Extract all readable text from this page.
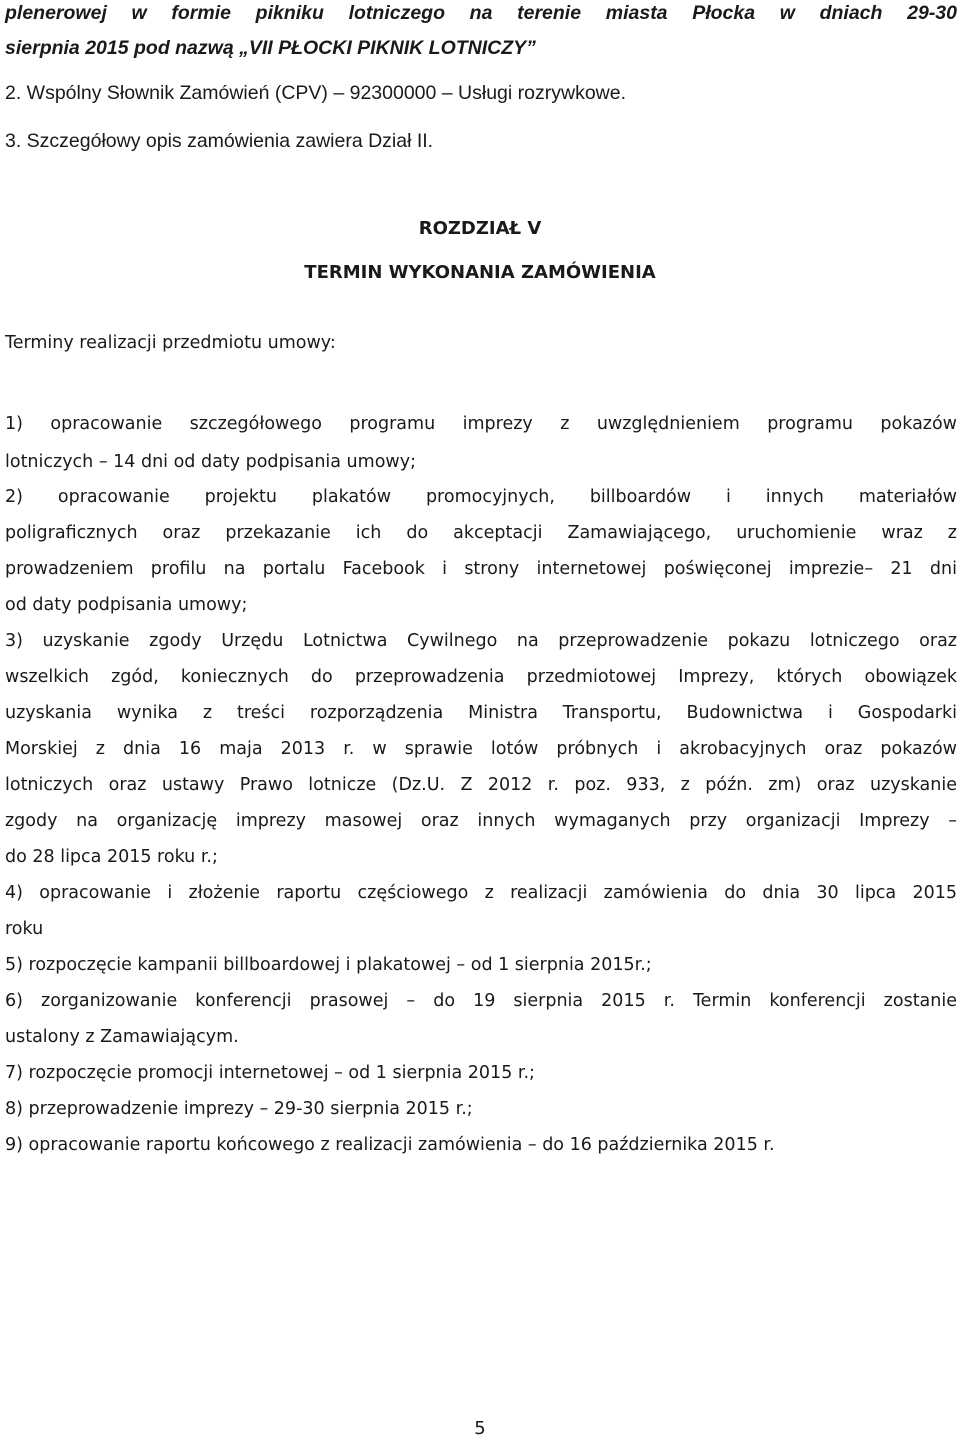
plenerowej w formie pikniku lotniczego na terenie miasta Płocka w dniach 29-30
sierpnia 2015 pod nazwą „VII PŁOCKI PIKNIK LOTNICZY”
2. Wspólny Słownik Zamówień (CPV) – 92300000 – Usługi rozrywkowe.
3. Szczegółowy opis zamówienia zawiera Dział II.
ROZDZIAŁ V
TERMIN WYKONANIA ZAMÓWIENIA
Terminy realizacji przedmiotu umowy:
1) opracowanie szczegółowego programu imprezy z uwzględnieniem programu pokazów
lotniczych – 14 dni od daty podpisania umowy;
2) opracowanie projektu plakatów promocyjnych, billboardów i innych materiałów
poligraficznych oraz przekazanie ich do akceptacji Zamawiającego, uruchomienie wraz z
prowadzeniem profilu na portalu Facebook i strony internetowej poświęconej imprezie– 21 dni
od daty podpisania umowy;
3) uzyskanie zgody Urzędu Lotnictwa Cywilnego na przeprowadzenie pokazu lotniczego oraz
wszelkich zgód, koniecznych do przeprowadzenia przedmiotowej Imprezy, których obowiązek
uzyskania wynika z treści rozporządzenia Ministra Transportu, Budownictwa i Gospodarki
Morskiej z dnia 16 maja 2013 r. w sprawie lotów próbnych i akrobacyjnych oraz pokazów
lotniczych oraz ustawy Prawo lotnicze (Dz.U. Z 2012 r. poz. 933, z późn. zm) oraz uzyskanie
zgody na organizację imprezy masowej oraz innych wymaganych przy organizacji Imprezy –
do 28 lipca 2015 roku r.;
4) opracowanie i złożenie raportu częściowego z realizacji zamówienia do dnia 30 lipca 2015
roku
5) rozpoczęcie kampanii billboardowej i plakatowej – od 1 sierpnia 2015r.;
6) zorganizowanie konferencji prasowej – do 19 sierpnia 2015 r. Termin konferencji zostanie
ustalony z Zamawiającym.
7) rozpoczęcie promocji internetowej – od 1 sierpnia 2015 r.;
8) przeprowadzenie imprezy – 29-30 sierpnia 2015 r.;
9) opracowanie raportu końcowego z realizacji zamówienia – do 16 października 2015 r.
5
